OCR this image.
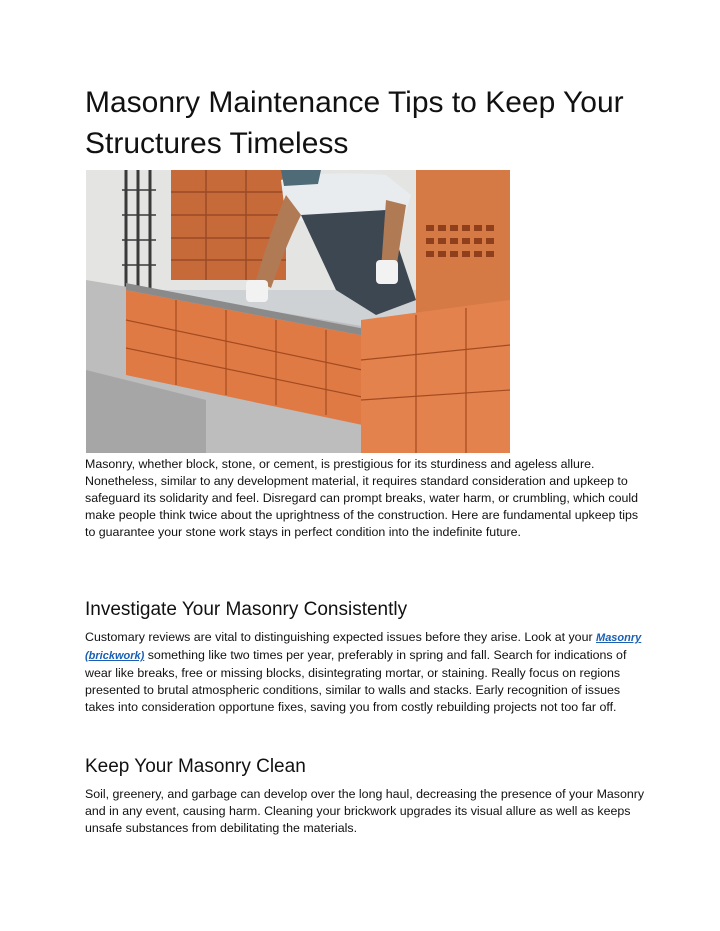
Masonry Maintenance Tips to Keep Your Structures Timeless

Masonry, whether block, stone, or cement, is prestigious for its sturdiness and ageless allure. Nonetheless, similar to any development material, it requires standard consideration and upkeep to safeguard its solidarity and feel. Disregard can prompt breaks, water harm, or crumbling, which could make people think twice about the uprightness of the construction. Here are fundamental upkeep tips to guarantee your stone work stays in perfect condition into the indefinite future.

Investigate Your Masonry Consistently

Customary reviews are vital to distinguishing expected issues before they arise. Look at your Masonry (brickwork) something like two times per year, preferably in spring and fall. Search for indications of wear like breaks, free or missing blocks, disintegrating mortar, or staining. Really focus on regions presented to brutal atmospheric conditions, similar to walls and stacks. Early recognition of issues takes into consideration opportune fixes, saving you from costly rebuilding projects not too far off.

Keep Your Masonry Clean

Soil, greenery, and garbage can develop over the long haul, decreasing the presence of your Masonry and in any event, causing harm. Cleaning your brickwork upgrades its visual allure as well as keeps unsafe substances from debilitating the materials.
